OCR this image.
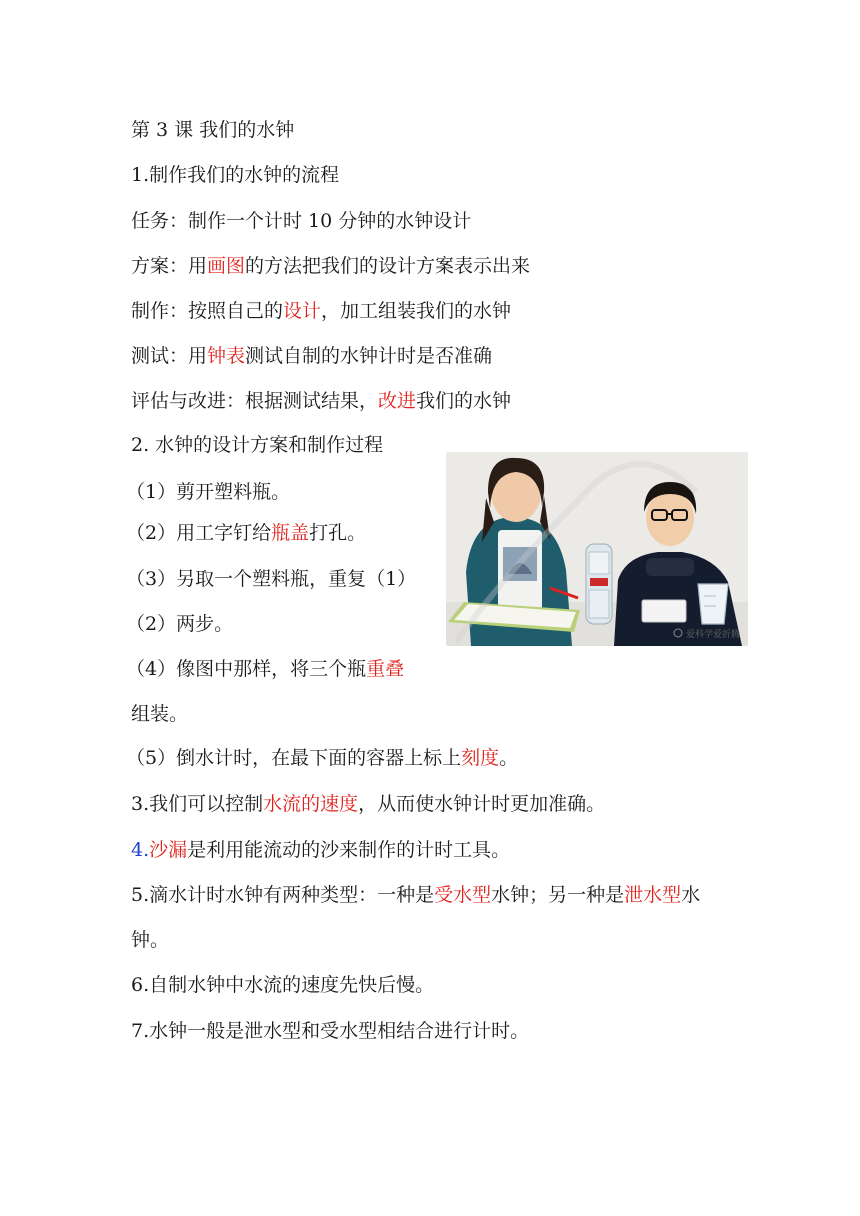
第 3 课 我们的水钟
1.制作我们的水钟的流程
任务：制作一个计时 10 分钟的水钟设计
方案：用画图的方法把我们的设计方案表示出来
制作：按照自己的设计，加工组装我们的水钟
测试：用钟表测试自制的水钟计时是否准确
评估与改进：根据测试结果，改进我们的水钟
2. 水钟的设计方案和制作过程
（1）剪开塑料瓶。
（2）用工字钉给瓶盖打孔。
（3）另取一个塑料瓶，重复（1）
（2）两步。
（4）像图中那样，将三个瓶重叠
组装。
（5）倒水计时，在最下面的容器上标上刻度。
3.我们可以控制水流的速度，从而使水钟计时更加准确。
4.沙漏是利用能流动的沙来制作的计时工具。
5.滴水计时水钟有两种类型：一种是受水型水钟；另一种是泄水型水
钟。
6.自制水钟中水流的速度先快后慢。
7.水钟一般是泄水型和受水型相结合进行计时。
爱科学爱折腾
